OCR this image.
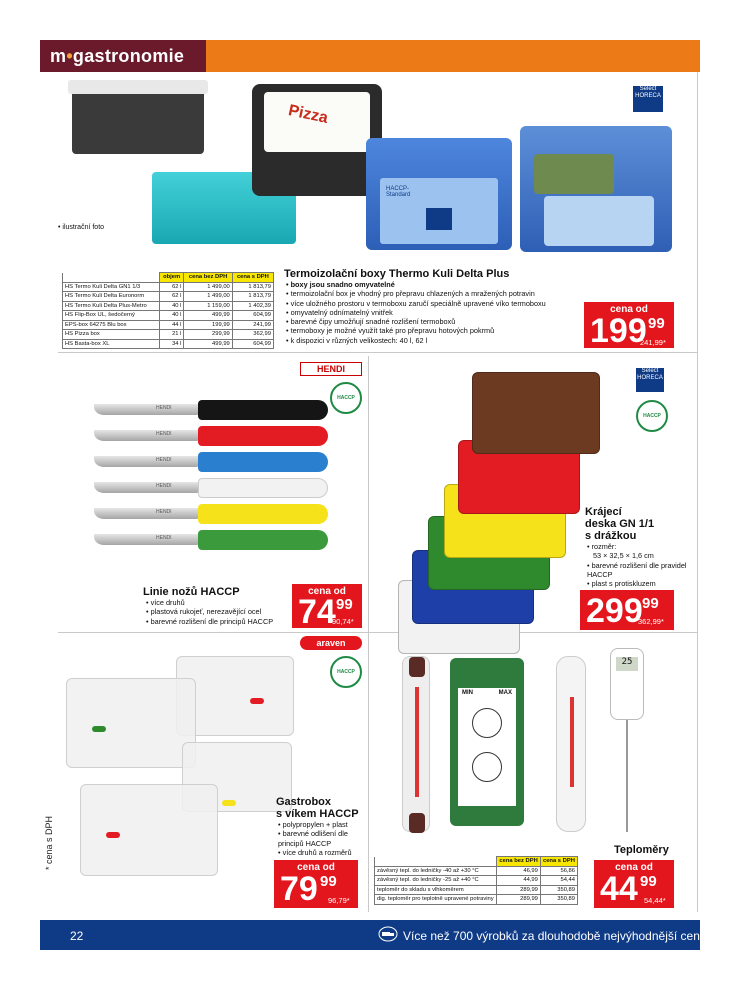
m•gastronomie
Pizza
HACCP-Standard
Select HORECA
• ilustrační foto
	objem	cena bez DPH	cena s DPH
HS Termo Kuli Delta GN1 1/3	62 l	1 499,00	1 813,79
HS Termo Kuli Delta Euronorm	62 l	1 499,00	1 813,79
HS Termo Kuli Delta Plus-Metro	40 l	1 159,00	1 402,39
HS Flip-Box UL, šedočerný	40 l	499,99	604,99
EPS-box 64275 Blu box	44 l	199,99	241,99
HS Pizza box	21 l	299,99	362,99
HS Basta-box XL	34 l	499,99	604,99
Termoizolační boxy Thermo Kuli Delta Plus
• boxy jsou snadno omyvatelné
• termoizolační box je vhodný pro přepravu chlazených a mražených potravin
• více uložného prostoru v termoboxu zaručí speciálně upravené víko termoboxu
• omyvatelný odnímatelný vnitřek
• barevné čipy umožňují snadné rozlišení termoboxů
• termoboxy je možné využít také pro přepravu hotových pokrmů
• k dispozici v různých velikostech: 40 l, 62 l
cena od
199 99
241,99*
HENDI
HACCP
HENDI
HENDI
HENDI
HENDI
HENDI
HENDI
Linie nožů HACCP
• více druhů
• plastová rukojeť, nerezavějící ocel
• barevné rozlišení dle principů HACCP
cena od
74 99
90,74*
Select HORECA
HACCP
Krájecí
deska GN 1/1
s drážkou
• rozměr:
53 × 32,5 × 1,6 cm
• barevné rozlišení dle pravidel HACCP
• plast s protiskluzem
299 99
362,99*
araven
HACCP
Gastrobox
s víkem HACCP
• polypropylen + plast
• barevné odlišení dle principů HACCP
• více druhů a rozměrů
cena od
79 99
96,79*
MIN	MAX
25
Teploměry
	cena bez DPH	cena s DPH
závěsný tepl. do ledničky -40 až +30 °C	46,99	56,86
závěsný tepl. do ledničky -25 až +40 °C	44,99	54,44
teploměr do skladu s vlhkoměrem	289,99	350,89
dig. teploměr pro teplotně upravené potraviny	289,99	350,89
cena od
44 99
54,44*
* cena s DPH
22	Více než 700 výrobků za dlouhodobě nejvýhodnější ceny
